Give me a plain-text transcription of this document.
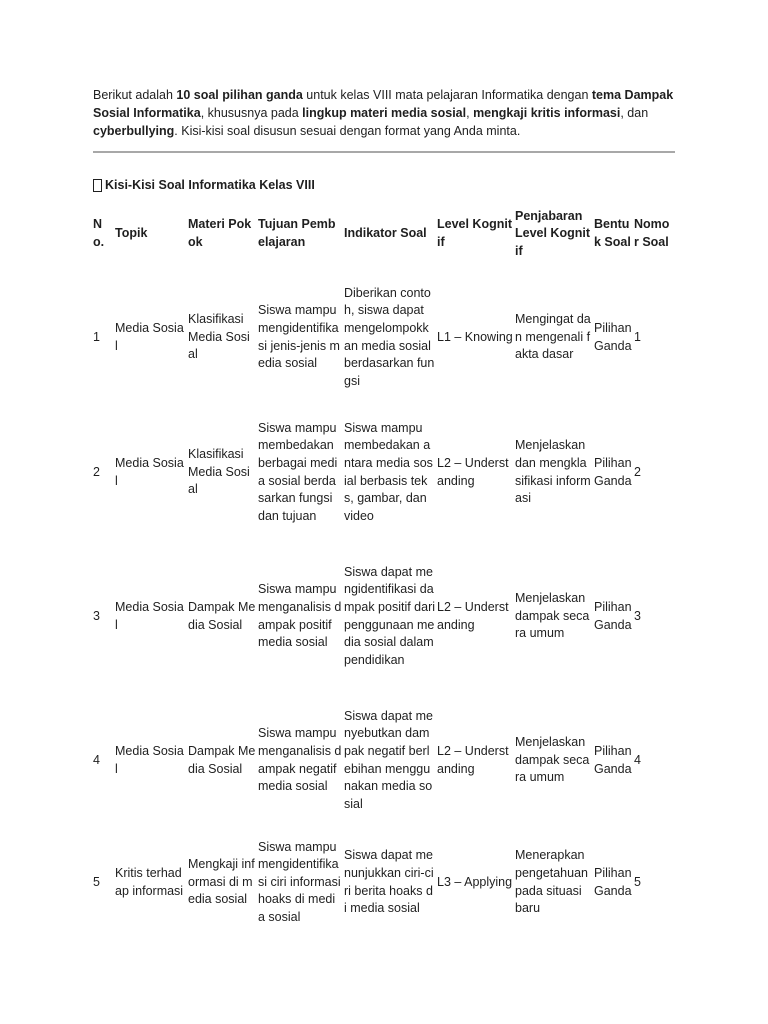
Berikut adalah 10 soal pilihan ganda untuk kelas VIII mata pelajaran Informatika dengan tema Dampak Sosial Informatika, khususnya pada lingkup materi media sosial, mengkaji kritis informasi, dan cyberbullying. Kisi-kisi soal disusun sesuai dengan format yang Anda minta.

Kisi-Kisi Soal Informatika Kelas VIII
No.	Topik	Materi Pokok	Tujuan Pembelajaran	Indikator Soal	Level Kognitif	Penjabaran Level Kognitif	Bentuk Soal	Nomor Soal
1	Media Sosial	Klasifikasi Media Sosial	Siswa mampu mengidentifikasi jenis-jenis media sosial	Diberikan contoh, siswa dapat mengelompokkan media sosial berdasarkan fungsi	L1 – Knowing	Mengingat dan mengenali fakta dasar	Pilihan Ganda	1
2	Media Sosial	Klasifikasi Media Sosial	Siswa mampu membedakan berbagai media sosial berdasarkan fungsi dan tujuan	Siswa mampu membedakan antara media sosial berbasis teks, gambar, dan video	L2 – Understanding	Menjelaskan dan mengklasifikasi informasi	Pilihan Ganda	2
3	Media Sosial	Dampak Media Sosial	Siswa mampu menganalisis dampak positif media sosial	Siswa dapat mengidentifikasi dampak positif dari penggunaan media sosial dalam pendidikan	L2 – Understanding	Menjelaskan dampak secara umum	Pilihan Ganda	3
4	Media Sosial	Dampak Media Sosial	Siswa mampu menganalisis dampak negatif media sosial	Siswa dapat menyebutkan dampak negatif berlebihan menggunakan media sosial	L2 – Understanding	Menjelaskan dampak secara umum	Pilihan Ganda	4
5	Kritis terhadap informasi	Mengkaji informasi di media sosial	Siswa mampu mengidentifikasi ciri informasi hoaks di media sosial	Siswa dapat menunjukkan ciri-ciri berita hoaks di media sosial	L3 – Applying	Menerapkan pengetahuan pada situasi baru	Pilihan Ganda	5
